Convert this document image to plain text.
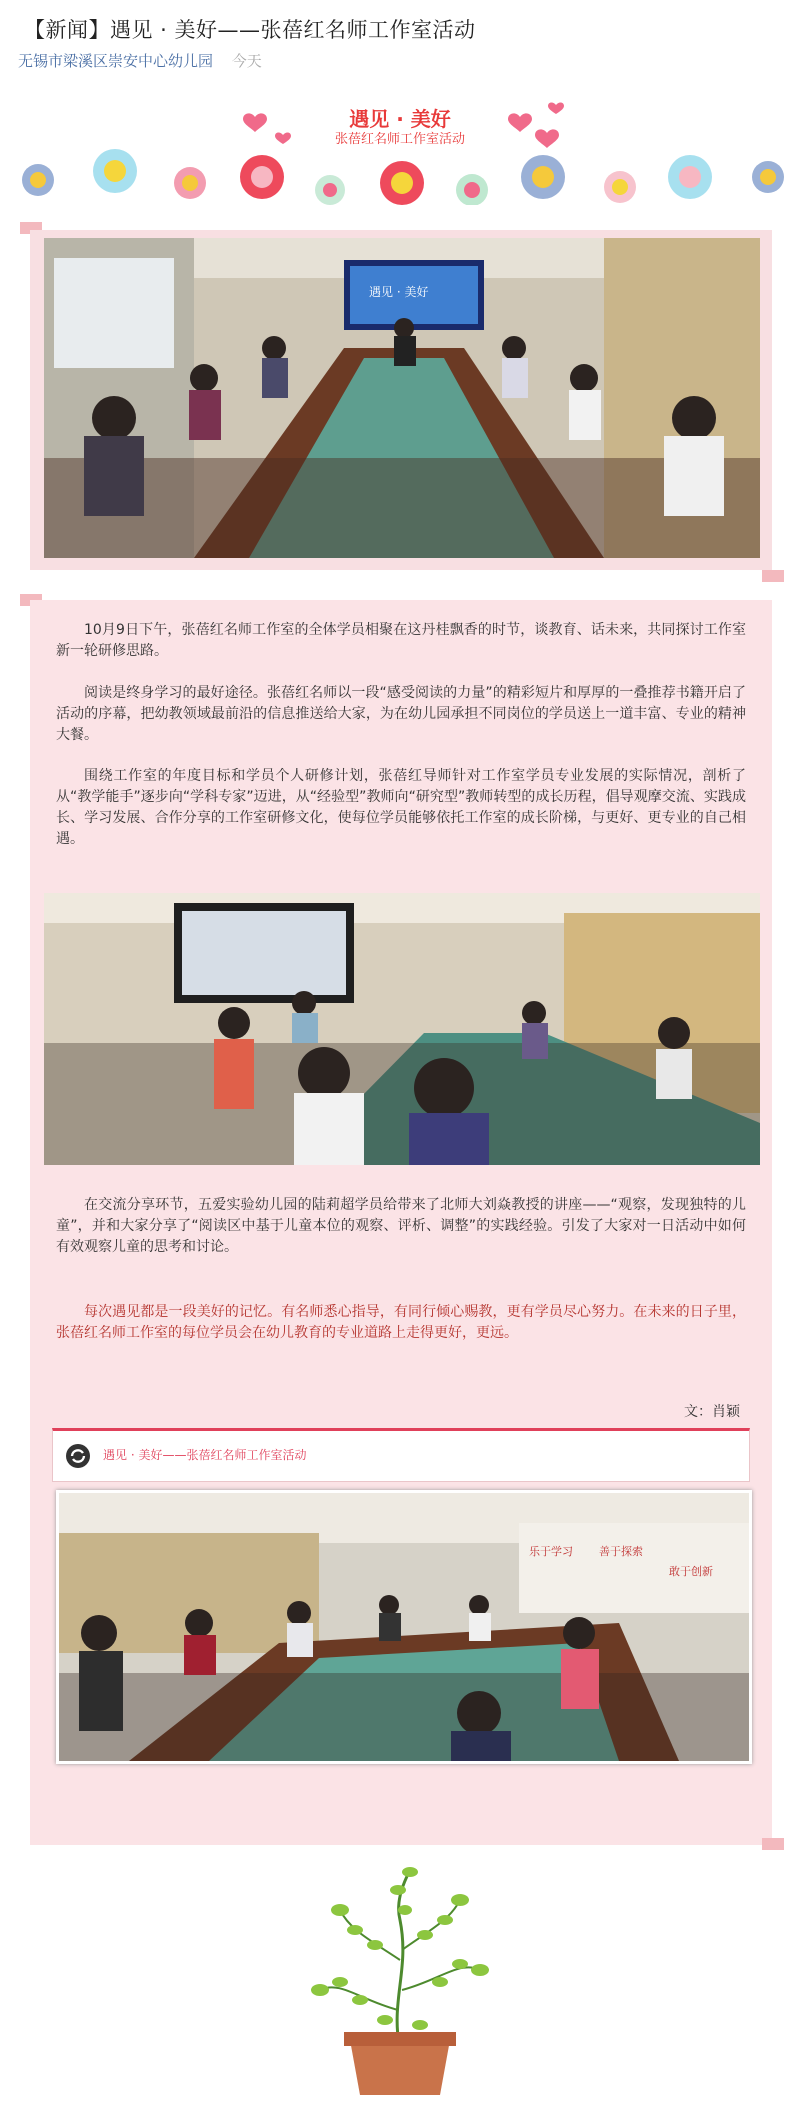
【新闻】遇见 · 美好——张蓓红名师工作室活动
无锡市梁溪区崇安中心幼儿园 今天
遇见 · 美好
张蓓红名师工作室活动
遇见 · 美好
10月9日下午，张蓓红名师工作室的全体学员相聚在这丹桂飘香的时节，谈教育、话未来，共同探讨工作室新一轮研修思路。
阅读是终身学习的最好途径。张蓓红名师以一段“感受阅读的力量”的精彩短片和厚厚的一叠推荐书籍开启了活动的序幕，把幼教领域最前沿的信息推送给大家，为在幼儿园承担不同岗位的学员送上一道丰富、专业的精神大餐。
围绕工作室的年度目标和学员个人研修计划，张蓓红导师针对工作室学员专业发展的实际情况，剖析了从“教学能手”逐步向“学科专家”迈进，从“经验型”教师向“研究型”教师转型的成长历程，倡导观摩交流、实践成长、学习发展、合作分享的工作室研修文化，使每位学员能够依托工作室的成长阶梯，与更好、更专业的自己相遇。
在交流分享环节，五爱实验幼儿园的陆莉超学员给带来了北师大刘焱教授的讲座——“观察，发现独特的儿童”，并和大家分享了“阅读区中基于儿童本位的观察、评析、调整”的实践经验。引发了大家对一日活动中如何有效观察儿童的思考和讨论。
每次遇见都是一段美好的记忆。有名师悉心指导，有同行倾心赐教，更有学员尽心努力。在未来的日子里，张蓓红名师工作室的每位学员会在幼儿教育的专业道路上走得更好，更远。
文：肖颖
遇见 · 美好——张蓓红名师工作室活动
乐于学习 善于探索
敢于创新
